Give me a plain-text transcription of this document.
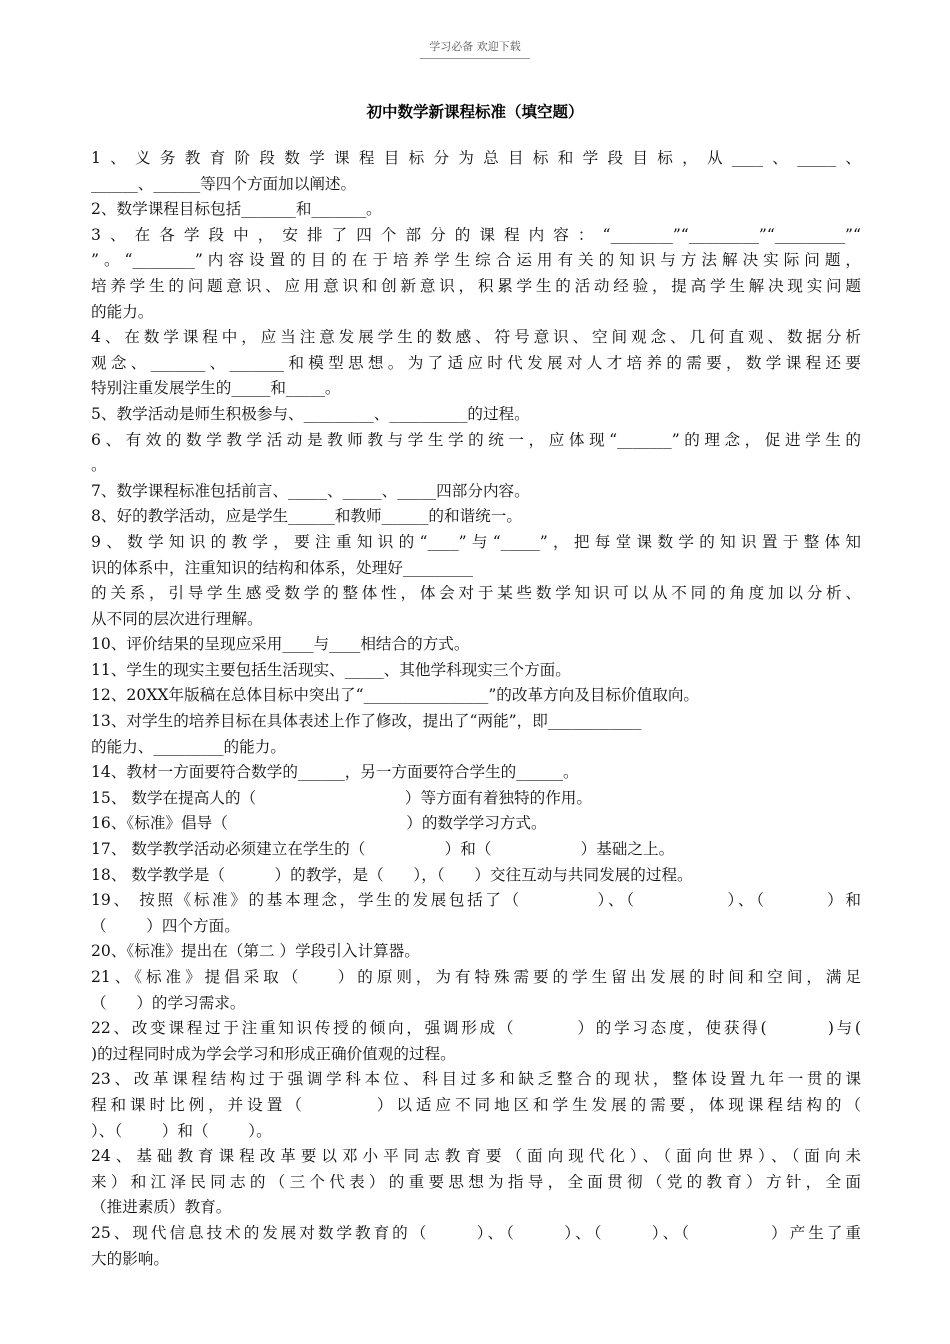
学习必备 欢迎下载
初中数学新课程标准（填空题）
1、义务教育阶段数学课程目标分为总目标和学段目标，从____、_____、
______、______等四个方面加以阐述。
2、数学课程目标包括_______和_______。
3、在各学段中，安排了四个部分的课程内容：“________”“_________”“_________”“
”。“________”内容设置的目的在于培养学生综合运用有关的知识与方法解决实际问题，
培养学生的问题意识、应用意识和创新意识，积累学生的活动经验，提高学生解决现实问题
的能力。
4、在数学课程中，应当注意发展学生的数感、符号意识、空间观念、几何直观、数据分析
观念、_______、_______和模型思想。为了适应时代发展对人才培养的需要，数学课程还要
特别注重发展学生的_____和_____。
5、教学活动是师生积极参与、_________、__________的过程。
6、有效的数学教学活动是教师教与学生学的统一，应体现“_______”的理念，促进学生的
。
7、数学课程标准包括前言、_____、_____、_____四部分内容。
8、好的教学活动，应是学生______和教师______的和谐统一。
9、数学知识的教学，要注重知识的“____”与“_____”，把每堂课数学的知识置于整体知
识的体系中，注重知识的结构和体系，处理好_________
的关系，引导学生感受数学的整体性，体会对于某些数学知识可以从不同的角度加以分析、
从不同的层次进行理解。
10、评价结果的呈现应采用____与____相结合的方式。
11、学生的现实主要包括生活现实、_____、其他学科现实三个方面。
12、20XX年版稿在总体目标中突出了“________________”的改革方向及目标价值取向。
13、对学生的培养目标在具体表述上作了修改，提出了“两能”，即____________
的能力、_________的能力。
14、教材一方面要符合数学的______，另一方面要符合学生的______。
15、 数学在提高人的（                              ）等方面有着独特的作用。
16、《标准》倡导（                                    ）的数学学习方式。
17、 数学教学活动必须建立在学生的（                ）和（                  ）基础之上。
18、 数学教学是（          ）的教学，是（      ），（      ）交往互动与共同发展的过程。
19、 按照《标准》的基本理念，学生的发展包括了（          ）、（            ）、（        ）和
（        ）四个方面。
20、《标准》提出在（第二 ）学段引入计算器。
21、《标准》提倡采取（    ）的原则，为有特殊需要的学生留出发展的时间和空间，满足
（      ）的学习需求。
22、改变课程过于注重知识传授的倾向，强调形成（        ）的学习态度，使获得(        )与(
)的过程同时成为学会学习和形成正确价值观的过程。
23、改革课程结构过于强调学科本位、科目过多和缺乏整合的现状，整体设置九年一贯的课
程和课时比例，并设置（        ）以适应不同地区和学生发展的需要，体现课程结构的（
）、（        ）和（        ）。
24、基础教育课程改革要以邓小平同志教育要（面向现代化）、（面向世界）、（面向未
来）和江泽民同志的（三个代表）的重要思想为指导，全面贯彻（党的教育）方针，全面
（推进素质）教育。
25、现代信息技术的发展对数学教育的（      ）、（      ）、（      ）、（          ）产生了重
大的影响。
